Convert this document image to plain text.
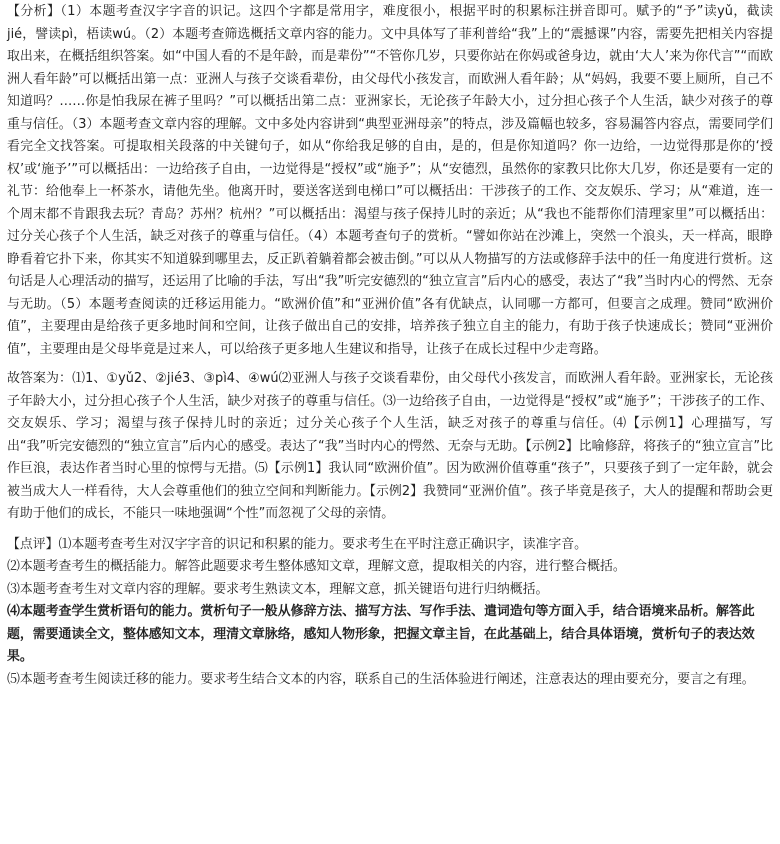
【分析】（1）本题考查汉字字音的识记。这四个字都是常用字，难度很小，根据平时的积累标注拼音即可。赋予的“予”读yǔ，截读jié，譬读pì，梧读wú。（2）本题考查筛选概括文章内容的能力。文中具体写了菲利普给“我”上的“震撼课”内容，需要先把相关内容提取出来，在概括组织答案。如“中国人看的不是年龄，而是辈份”“不管你几岁，只要你站在你妈或爸身边，就由‘大人’来为你代言”“而欧洲人看年龄”可以概括出第一点：亚洲人与孩子交谈看辈份，由父母代小孩发言，而欧洲人看年龄；从“妈妈，我要不要上厕所，自己不知道吗？……你是怕我尿在裤子里吗？”可以概括出第二点：亚洲家长，无论孩子年龄大小，过分担心孩子个人生活，缺少对孩子的尊重与信任。（3）本题考查文章内容的理解。文中多处内容讲到“典型亚洲母亲”的特点，涉及篇幅也较多，容易漏答内容点，需要同学们看完全文找答案。可提取相关段落的中关键句子，如从“你给我足够的自由，是的，但是你知道吗？你一边给，一边觉得那是你的‘授权’或‘施予’”可以概括出：一边给孩子自由，一边觉得是“授权”或“施予”；从“安德烈，虽然你的家教只比你大几岁，你还是要有一定的礼节：给他奉上一杯茶水，请他先坐。他离开时，要送客送到电梯口”可以概括出：干涉孩子的工作、交友娱乐、学习；从“难道，连一个周末都不肯跟我去玩？青岛？苏州？杭州？”可以概括出：渴望与孩子保持儿时的亲近；从“我也不能帮你们清理家里”可以概括出：过分关心孩子个人生活，缺乏对孩子的尊重与信任。（4）本题考查句子的赏析。“譬如你站在沙滩上，突然一个浪头，天一样高，眼睁睁看着它扑下来，你其实不知道躲到哪里去，反正趴着躺着都会被击倒。”可以从人物描写的方法或修辞手法中的任一角度进行赏析。这句话是人心理活动的描写，还运用了比喻的手法，写出“我”听完安德烈的“独立宣言”后内心的感受，表达了“我”当时内心的愕然、无奈与无助。（5）本题考查阅读的迁移运用能力。“欧洲价值”和“亚洲价值”各有优缺点，认同哪一方都可，但要言之成理。赞同“欧洲价值”，主要理由是给孩子更多地时间和空间，让孩子做出自己的安排，培养孩子独立自主的能力，有助于孩子快速成长；赞同“亚洲价值”，主要理由是父母毕竟是过来人，可以给孩子更多地人生建议和指导，让孩子在成长过程中少走弯路。

故答案为：⑴1、①yǔ2、②jié3、③pì4、④wú⑵亚洲人与孩子交谈看辈份，由父母代小孩发言，而欧洲人看年龄。亚洲家长，无论孩子年龄大小，过分担心孩子个人生活，缺少对孩子的尊重与信任。⑶一边给孩子自由，一边觉得是“授权”或“施予”；干涉孩子的工作、交友娱乐、学习；渴望与孩子保持儿时的亲近；过分关心孩子个人生活，缺乏对孩子的尊重与信任。⑷【示例1】心理描写，写出“我”听完安德烈的“独立宣言”后内心的感受。表达了“我”当时内心的愕然、无奈与无助。【示例2】比喻修辞，将孩子的“独立宣言”比作巨浪，表达作者当时心里的惊愕与无措。⑸【示例1】我认同“欧洲价值”。因为欧洲价值尊重“孩子”，只要孩子到了一定年龄，就会被当成大人一样看待，大人会尊重他们的独立空间和判断能力。【示例2】我赞同“亚洲价值”。孩子毕竟是孩子，大人的提醒和帮助会更有助于他们的成长，不能只一味地强调“个性”而忽视了父母的亲情。

【点评】⑴本题考查考生对汉字字音的识记和积累的能力。要求考生在平时注意正确识字，读准字音。

⑵本题考查考生的概括能力。解答此题要求考生整体感知文章，理解文意，提取相关的内容，进行整合概括。

⑶本题考查考生对文章内容的理解。要求考生熟读文本，理解文意，抓关键语句进行归纳概括。

⑷本题考查学生赏析语句的能力。赏析句子一般从修辞方法、描写方法、写作手法、遣词造句等方面入手，结合语境来品析。解答此题，需要通读全文，整体感知文本，理清文章脉络，感知人物形象，把握文章主旨，在此基础上，结合具体语境，赏析句子的表达效果。

⑸本题考查考生阅读迁移的能力。要求考生结合文本的内容，联系自己的生活体验进行阐述，注意表达的理由要充分，要言之有理。
